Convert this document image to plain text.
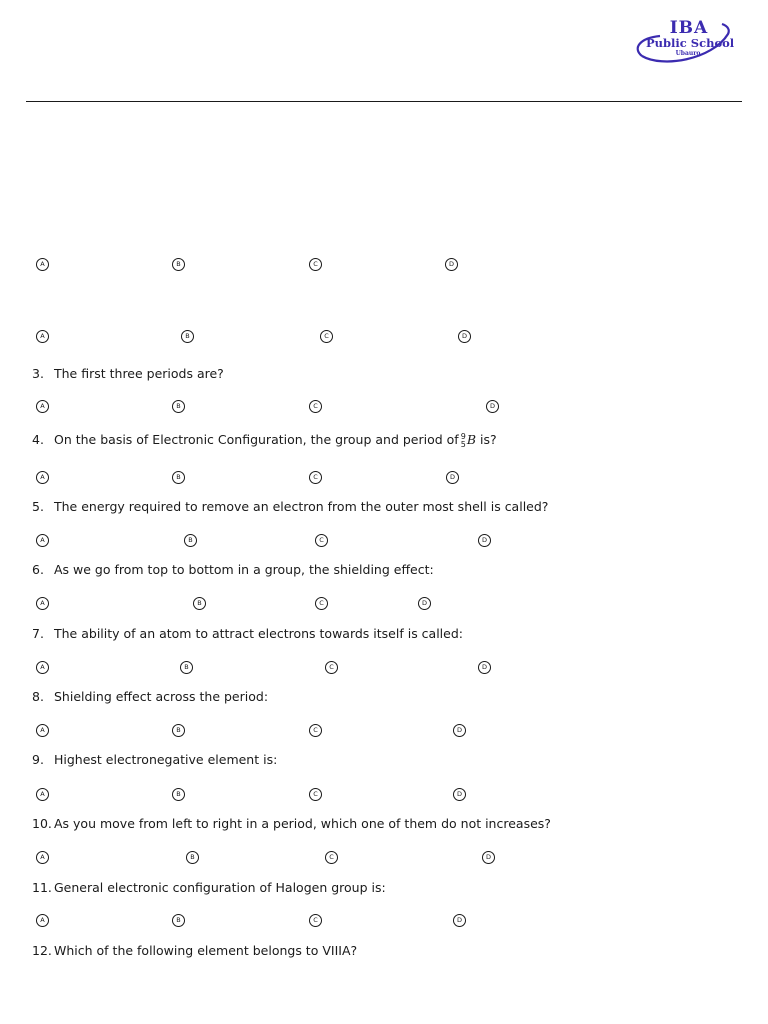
IBA
Public School
Ubauro
A	B	C	D
A	B	C	D
3. The first three periods are?
A	B	C	D
4. On the basis of Electronic Configuration, the group and period of 9
5 B is?
A	B	C	D
5. The energy required to remove an electron from the outer most shell is called?
A	B	C	D
6. As we go from top to bottom in a group, the shielding effect:
A	B	C	D
7. The ability of an atom to attract electrons towards itself is called:
A	B	C	D
8. Shielding effect across the period:
A	B	C	D
9. Highest electronegative element is:
A	B	C	D
10. As you move from left to right in a period, which one of them do not increases?
A	B	C	D
11. General electronic configuration of Halogen group is:
A	B	C	D
12. Which of the following element belongs to VIIIA?
